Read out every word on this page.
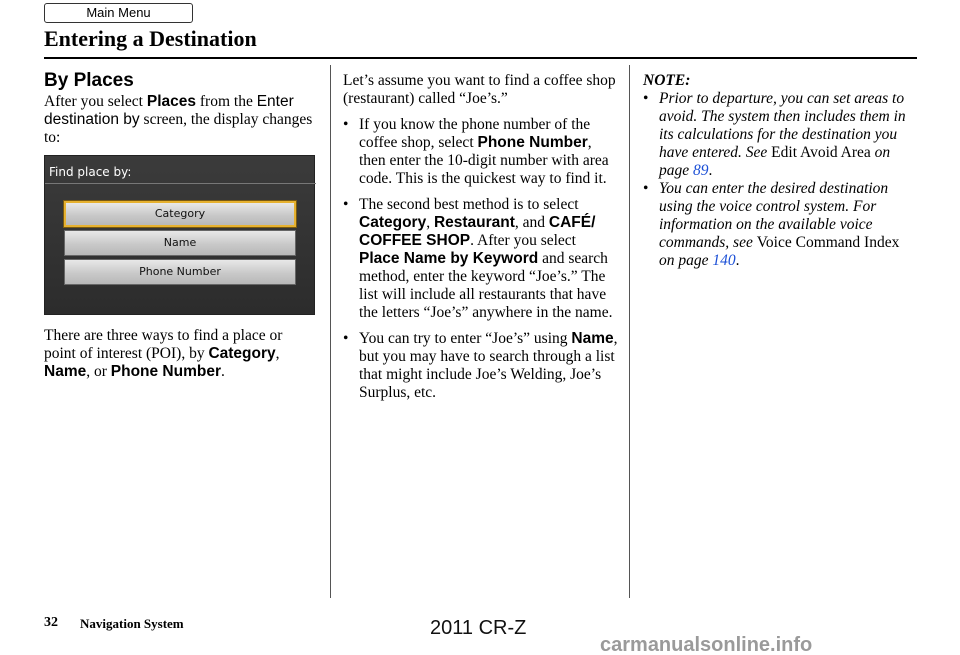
Main Menu
Entering a Destination
By Places

After you select Places from the Enter destination by screen, the display changes to:

Find place by:
Category
Name
Phone Number

There are three ways to find a place or point of interest (POI), by Category, Name, or Phone Number.

Let’s assume you want to find a coffee shop (restaurant) called “Joe’s.”

• If you know the phone number of the coffee shop, select Phone Number, then enter the 10-digit number with area code. This is the quickest way to find it.
• The second best method is to select Category, Restaurant, and CAFÉ/ COFFEE SHOP. After you select Place Name by Keyword and search method, enter the keyword “Joe’s.” The list will include all restaurants that have the letters “Joe’s” anywhere in the name.
• You can try to enter “Joe’s” using Name, but you may have to search through a list that might include Joe’s Welding, Joe’s Surplus, etc.

NOTE:

• Prior to departure, you can set areas to avoid. The system then includes them in its calculations for the destination you have entered. See Edit Avoid Area on page 89.
• You can enter the desired destination using the voice control system. For information on the available voice commands, see Voice Command Index on page 140.
32 Navigation System	2011 CR-Z
carmanualsonline.info
